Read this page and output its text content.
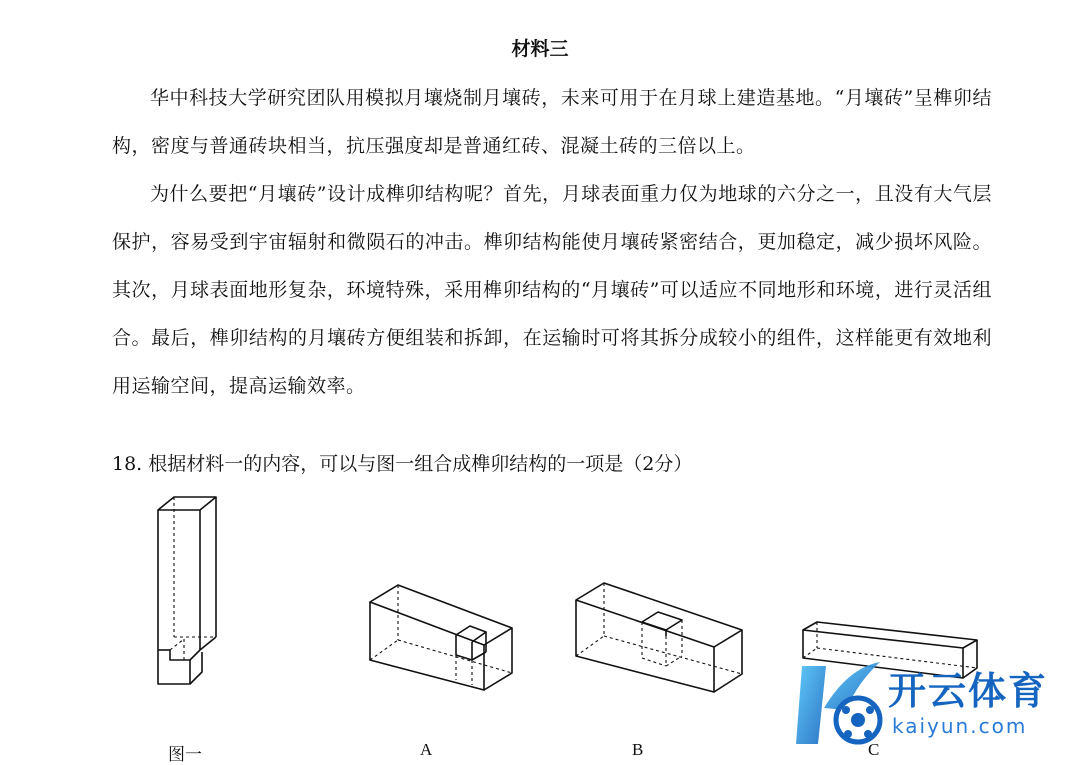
材料三

华中科技大学研究团队用模拟月壤烧制月壤砖，未来可用于在月球上建造基地。“月壤砖”呈榫卯结构，密度与普通砖块相当，抗压强度却是普通红砖、混凝土砖的三倍以上。

为什么要把“月壤砖”设计成榫卯结构呢？首先，月球表面重力仅为地球的六分之一，且没有大气层保护，容易受到宇宙辐射和微陨石的冲击。榫卯结构能使月壤砖紧密结合，更加稳定，减少损坏风险。其次，月球表面地形复杂，环境特殊，采用榫卯结构的“月壤砖”可以适应不同地形和环境，进行灵活组合。最后，榫卯结构的月壤砖方便组装和拆卸，在运输时可将其拆分成较小的组件，这样能更有效地利用运输空间，提高运输效率。

18. 根据材料一的内容，可以与图一组合成榫卯结构的一项是（2分）

图一	A	B	C
开云体育
kaiyun.com
